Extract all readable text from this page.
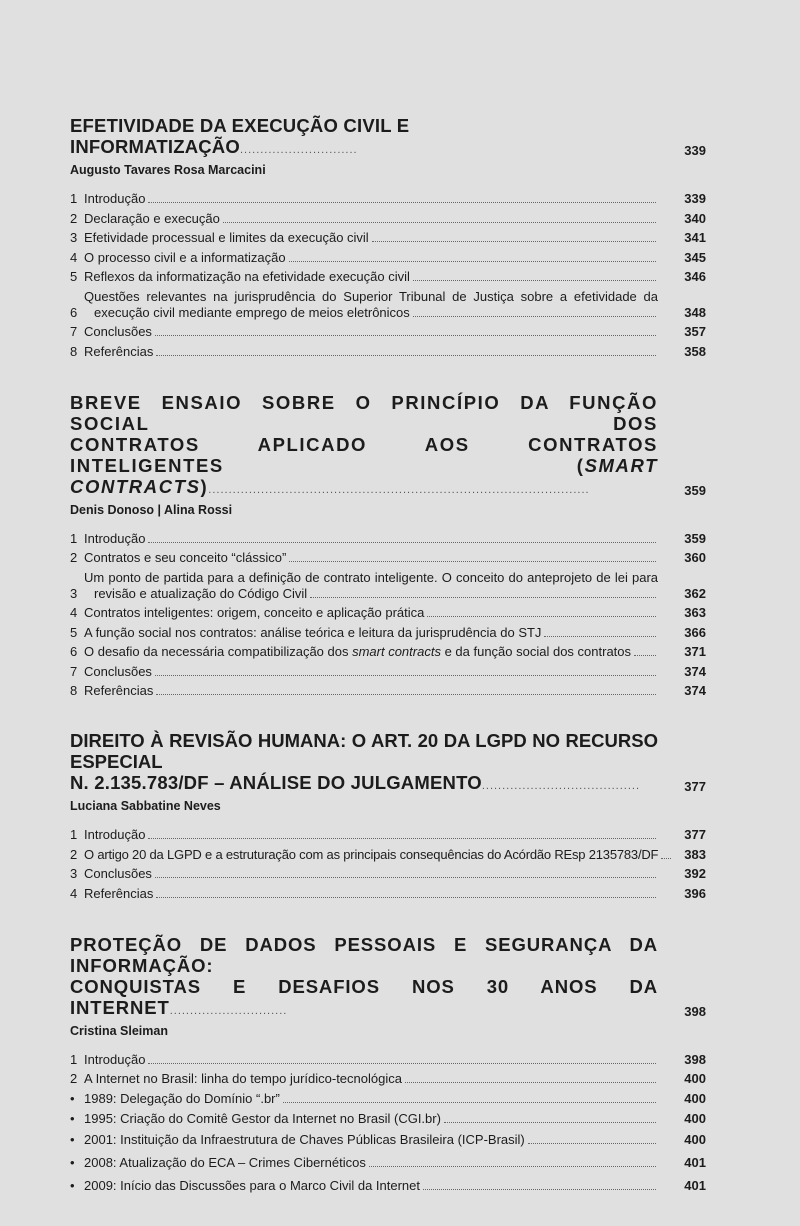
EFETIVIDADE DA EXECUÇÃO CIVIL E INFORMATIZAÇÃO.............................	339
Augusto Tavares Rosa Marcacini
1 Introdução	339
2 Declaração e execução	340
3 Efetividade processual e limites da execução civil	341
4 O processo civil e a informatização	345
5 Reflexos da informatização na efetividade execução civil	346
6
Questões relevantes na jurisprudência do Superior Tribunal de Justiça sobre a efetividade da
execução civil mediante emprego de meios eletrônicos	348
7 Conclusões	357
8 Referências	358
BREVE ENSAIO SOBRE O PRINCÍPIO DA FUNÇÃO SOCIAL DOS
CONTRATOS APLICADO AOS CONTRATOS INTELIGENTES (SMART
CONTRACTS)..............................................................................................	359
Denis Donoso | Alina Rossi
1 Introdução	359
2 Contratos e seu conceito “clássico”	360
3
Um ponto de partida para a definição de contrato inteligente. O conceito do anteprojeto de lei para
revisão e atualização do Código Civil	362
4 Contratos inteligentes: origem, conceito e aplicação prática	363
5 A função social nos contratos: análise teórica e leitura da jurisprudência do STJ	366
6 O desafio da necessária compatibilização dos smart contracts e da função social dos contratos	371
7 Conclusões	374
8 Referências	374
DIREITO À REVISÃO HUMANA: O ART. 20 DA LGPD NO RECURSO ESPECIAL
N. 2.135.783/DF – ANÁLISE DO JULGAMENTO.......................................	377
Luciana Sabbatine Neves
1 Introdução	377
2 O artigo 20 da LGPD e a estruturação com as principais consequências do Acórdão REsp 2135783/DF	383
3 Conclusões	392
4 Referências	396
PROTEÇÃO DE DADOS PESSOAIS E SEGURANÇA DA INFORMAÇÃO:
CONQUISTAS E DESAFIOS NOS 30 ANOS DA INTERNET.............................	398
Cristina Sleiman
1 Introdução	398
2 A Internet no Brasil: linha do tempo jurídico-tecnológica	400
• 1989: Delegação do Domínio “.br”	400
• 1995: Criação do Comitê Gestor da Internet no Brasil (CGI.br)	400
• 2001: Instituição da Infraestrutura de Chaves Públicas Brasileira (ICP-Brasil)	400
• 2008: Atualização do ECA – Crimes Cibernéticos	401
• 2009: Início das Discussões para o Marco Civil da Internet	401
